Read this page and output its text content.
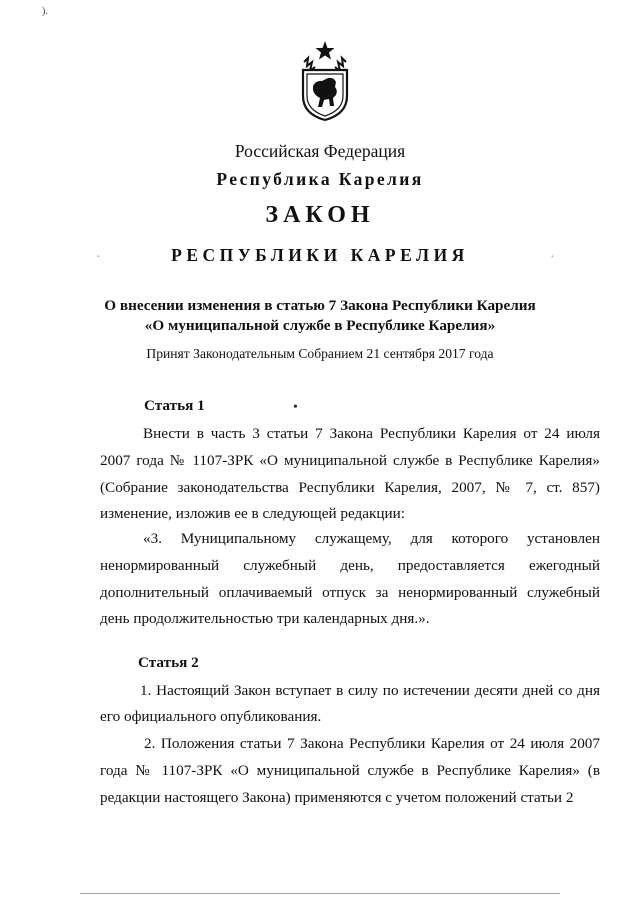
).
Российская Федерация
Республика Карелия
ЗАКОН
РЕСПУБЛИКИ КАРЕЛИЯ
·	·
О внесении изменения в статью 7 Закона Республики Карелия
«О муниципальной службе в Республике Карелия»
Принят Законодательным Собранием 21 сентября 2017 года
Статья 1	•
Внести в часть 3 статьи 7 Закона Республики Карелия от 24 июля 2007 года № 1107-ЗРК «О муниципальной службе в Республике Карелия» (Собрание законодательства Республики Карелия, 2007, № 7, ст. 857) изменение, изложив ее в следующей редакции:
«3. Муниципальному служащему, для которого установлен ненормированный служебный день, предоставляется ежегодный дополнительный оплачиваемый отпуск за ненормированный служебный день продолжительностью три календарных дня.».
Статья 2
1. Настоящий Закон вступает в силу по истечении десяти дней со дня его официального опубликования.
2. Положения статьи 7 Закона Республики Карелия от 24 июля 2007 года № 1107-ЗРК «О муниципальной службе в Республике Карелия» (в редакции настоящего Закона) применяются с учетом положений статьи 2
